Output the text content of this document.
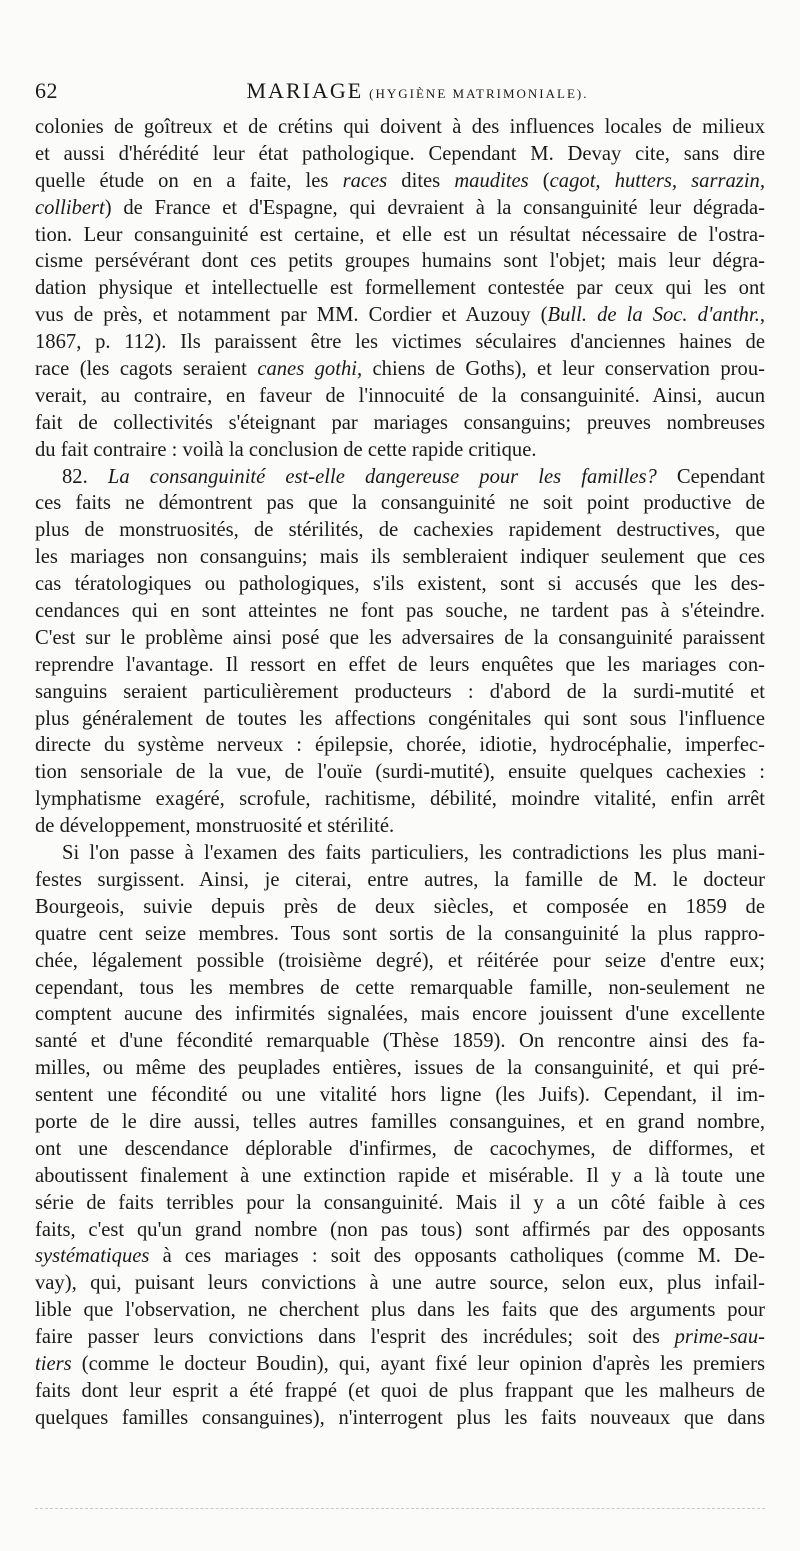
62	MARIAGE (HYGIÈNE MATRIMONIALE).
colonies de goîtreux et de crétins qui doivent à des influences locales de milieux
et aussi d'hérédité leur état pathologique. Cependant M. Devay cite, sans dire
quelle étude on en a faite, les races dites maudites (cagot, hutters, sarrazin,
collibert) de France et d'Espagne, qui devraient à la consanguinité leur dégrada-
tion. Leur consanguinité est certaine, et elle est un résultat nécessaire de l'ostra-
cisme persévérant dont ces petits groupes humains sont l'objet; mais leur dégra-
dation physique et intellectuelle est formellement contestée par ceux qui les ont
vus de près, et notamment par MM. Cordier et Auzouy (Bull. de la Soc. d'anthr.,
1867, p. 112). Ils paraissent être les victimes séculaires d'anciennes haines de
race (les cagots seraient canes gothi, chiens de Goths), et leur conservation prou-
verait, au contraire, en faveur de l'innocuité de la consanguinité. Ainsi, aucun
fait de collectivités s'éteignant par mariages consanguins; preuves nombreuses
du fait contraire : voilà la conclusion de cette rapide critique.
82. La consanguinité est-elle dangereuse pour les familles? Cependant
ces faits ne démontrent pas que la consanguinité ne soit point productive de
plus de monstruosités, de stérilités, de cachexies rapidement destructives, que
les mariages non consanguins; mais ils sembleraient indiquer seulement que ces
cas tératologiques ou pathologiques, s'ils existent, sont si accusés que les des-
cendances qui en sont atteintes ne font pas souche, ne tardent pas à s'éteindre.
C'est sur le problème ainsi posé que les adversaires de la consanguinité paraissent
reprendre l'avantage. Il ressort en effet de leurs enquêtes que les mariages con-
sanguins seraient particulièrement producteurs : d'abord de la surdi-mutité et
plus généralement de toutes les affections congénitales qui sont sous l'influence
directe du système nerveux : épilepsie, chorée, idiotie, hydrocéphalie, imperfec-
tion sensoriale de la vue, de l'ouïe (surdi-mutité), ensuite quelques cachexies :
lymphatisme exagéré, scrofule, rachitisme, débilité, moindre vitalité, enfin arrêt
de développement, monstruosité et stérilité.
Si l'on passe à l'examen des faits particuliers, les contradictions les plus mani-
festes surgissent. Ainsi, je citerai, entre autres, la famille de M. le docteur
Bourgeois, suivie depuis près de deux siècles, et composée en 1859 de
quatre cent seize membres. Tous sont sortis de la consanguinité la plus rappro-
chée, légalement possible (troisième degré), et réitérée pour seize d'entre eux;
cependant, tous les membres de cette remarquable famille, non-seulement ne
comptent aucune des infirmités signalées, mais encore jouissent d'une excellente
santé et d'une fécondité remarquable (Thèse 1859). On rencontre ainsi des fa-
milles, ou même des peuplades entières, issues de la consanguinité, et qui pré-
sentent une fécondité ou une vitalité hors ligne (les Juifs). Cependant, il im-
porte de le dire aussi, telles autres familles consanguines, et en grand nombre,
ont une descendance déplorable d'infirmes, de cacochymes, de difformes, et
aboutissent finalement à une extinction rapide et misérable. Il y a là toute une
série de faits terribles pour la consanguinité. Mais il y a un côté faible à ces
faits, c'est qu'un grand nombre (non pas tous) sont affirmés par des opposants
systématiques à ces mariages : soit des opposants catholiques (comme M. De-
vay), qui, puisant leurs convictions à une autre source, selon eux, plus infail-
lible que l'observation, ne cherchent plus dans les faits que des arguments pour
faire passer leurs convictions dans l'esprit des incrédules; soit des prime-sau-
tiers (comme le docteur Boudin), qui, ayant fixé leur opinion d'après les premiers
faits dont leur esprit a été frappé (et quoi de plus frappant que les malheurs de
quelques familles consanguines), n'interrogent plus les faits nouveaux que dans
